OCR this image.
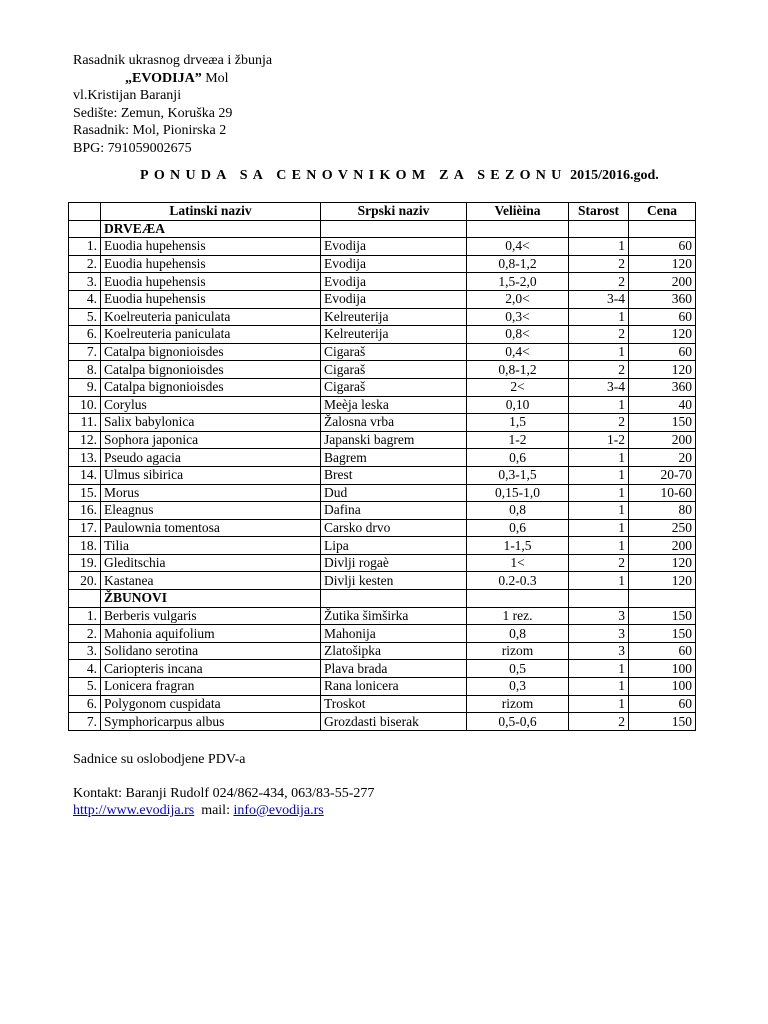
Rasadnik ukrasnog drveæa i žbunja
„EVODIJA” Mol
vl.Kristijan Baranji
Sedište: Zemun, Koruška 29
Rasadnik: Mol, Pionirska 2
BPG: 791059002675
PONUDA SA CENOVNIKOM ZA SEZONU 2015/2016.god.
	Latinski naziv	Srpski naziv	Velièina	Starost	Cena
	DRVEÆA				
1.	Euodia hupehensis	Evodija	0,4<	1	60
2.	Euodia hupehensis	Evodija	0,8-1,2	2	120
3.	Euodia hupehensis	Evodija	1,5-2,0	2	200
4.	Euodia hupehensis	Evodija	2,0<	3-4	360
5.	Koelreuteria paniculata	Kelreuterija	0,3<	1	60
6.	Koelreuteria paniculata	Kelreuterija	0,8<	2	120
7.	Catalpa bignonioisdes	Cigaraš	0,4<	1	60
8.	Catalpa bignonioisdes	Cigaraš	0,8-1,2	2	120
9.	Catalpa bignonioisdes	Cigaraš	2<	3-4	360
10.	Corylus	Meèja leska	0,10	1	40
11.	Salix babylonica	Žalosna vrba	1,5	2	150
12.	Sophora japonica	Japanski bagrem	1-2	1-2	200
13.	Pseudo agacia	Bagrem	0,6	1	20
14.	Ulmus sibirica	Brest	0,3-1,5	1	20-70
15.	Morus	Dud	0,15-1,0	1	10-60
16.	Eleagnus	Dafina	0,8	1	80
17.	Paulownia tomentosa	Carsko drvo	0,6	1	250
18.	Tilia	Lipa	1-1,5	1	200
19.	Gleditschia	Divlji rogaè	1<	2	120
20.	Kastanea	Divlji kesten	0.2-0.3	1	120
	ŽBUNOVI				
1.	Berberis vulgaris	Žutika šimširka	1 rez.	3	150
2.	Mahonia aquifolium	Mahonija	0,8	3	150
3.	Solidano serotina	Zlatošipka	rizom	3	60
4.	Cariopteris incana	Plava brada	0,5	1	100
5.	Lonicera fragran	Rana lonicera	0,3	1	100
6.	Polygonom cuspidata	Troskot	rizom	1	60
7.	Symphoricarpus albus	Grozdasti biserak	0,5-0,6	2	150
Sadnice su oslobodjene PDV-a
Kontakt: Baranji Rudolf 024/862-434, 063/83-55-277
http://www.evodija.rs  mail: info@evodija.rs
